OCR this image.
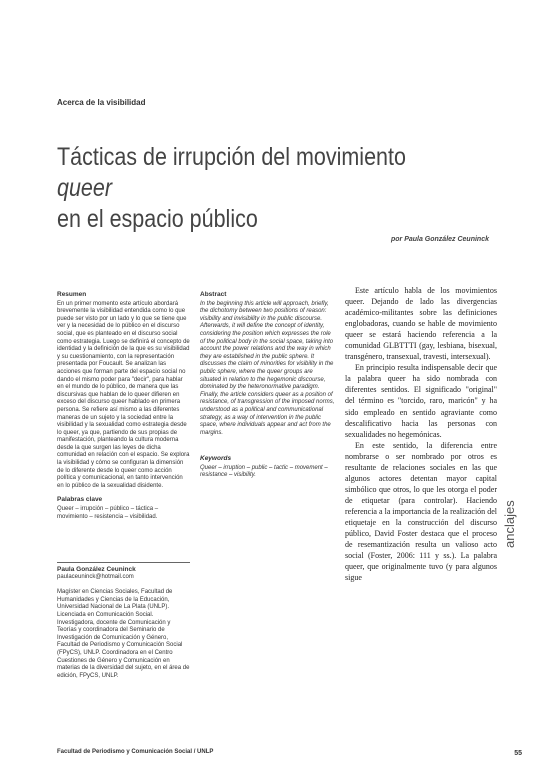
Acerca de la visibilidad
Tácticas de irrupción del movimiento queer
en el espacio público
por Paula González Ceuninck
Resumen

En un primer momento este artículo abordará brevemente la visibilidad entendida como lo que puede ser visto por un lado y lo que se tiene que ver y la necesidad de lo público en el discurso social, que es planteado en el discurso social como estrategia. Luego se definirá el concepto de identidad y la definición de la que es su visibilidad y su cuestionamiento, con la representación presentada por Foucault. Se analizan las acciones que forman parte del espacio social no dando el mismo poder para "decir", para hablar en el mundo de lo público, de manera que las discursivas que hablan de lo queer difieren en exceso del discurso queer hablado en primera persona. Se refiere así mismo a las diferentes maneras de un sujeto y la sociedad entre la visibilidad y la sexualidad como estrategia desde lo queer, ya que, partiendo de sus propias de manifestación, planteando la cultura moderna desde la que surgen las leyes de dicha comunidad en relación con el espacio. Se explora la visibilidad y cómo se configuran la dimensión de lo diferente desde lo queer como acción política y comunicacional, en tanto intervención en lo público de la sexualidad disidente.

Palabras clave

Queer – irrupción – público – táctica – movimiento – resistencia – visibilidad.

Abstract

In the beginning this article will approach, briefly, the dichotomy between two positions of reason: visibility and invisibility in the public discourse. Afterwards, it will define the concept of identity, considering the position which expresses the role of the political body in the social space, taking into account the power relations and the way in which they are established in the public sphere. It discusses the claim of minorities for visibility in the public sphere, where the queer groups are situated in relation to the hegemonic discourse, dominated by the heteronormative paradigm. Finally, the article considers queer as a position of resistance, of transgression of the imposed norms, understood as a political and communicational strategy, as a way of intervention in the public space, where individuals appear and act from the margins.

Keywords

Queer – irruption – public – tactic – movement – resistance – visibility.

Paula González Ceuninck

paulaceuninck@hotmail.com

Magíster en Ciencias Sociales, Facultad de Humanidades y Ciencias de la Educación, Universidad Nacional de La Plata (UNLP). Licenciada en Comunicación Social. Investigadora, docente de Comunicación y Teorías y coordinadora del Seminario de Investigación de Comunicación y Género, Facultad de Periodismo y Comunicación Social (FPyCS), UNLP. Coordinadora en el Centro Cuestiones de Género y Comunicación en materias de la diversidad del sujeto, en el área de edición, FPyCS, UNLP.

Este artículo habla de los movimientos queer. Dejando de lado las divergencias académico-militantes sobre las definiciones englobadoras, cuando se hable de movimiento queer se estará haciendo referencia a la comunidad GLBTTTI (gay, lesbiana, bisexual, transgénero, transexual, travesti, intersexual).

En principio resulta indispensable decir que la palabra queer ha sido nombrada con diferentes sentidos. El significado "original" del término es "torcido, raro, maricón" y ha sido empleado en sentido agraviante como descalificativo hacia las personas con sexualidades no hegemónicas.

En este sentido, la diferencia entre nombrarse o ser nombrado por otros es resultante de relaciones sociales en las que algunos actores detentan mayor capital simbólico que otros, lo que les otorga el poder de etiquetar (para controlar). Haciendo referencia a la importancia de la realización del etiquetaje en la construcción del discurso público, David Foster destaca que el proceso de resemantización resulta un valioso acto social (Foster, 2006: 111 y ss.). La palabra queer, que originalmente tuvo (y para algunos sigue

anclajes
Facultad de Periodismo y Comunicación Social / UNLP	55
